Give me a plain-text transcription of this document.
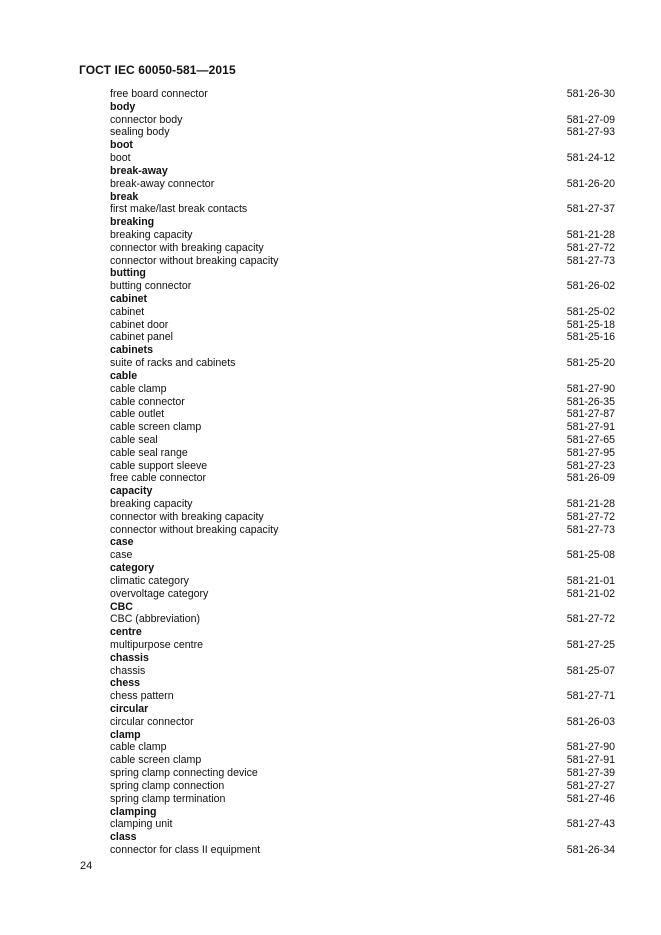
ГОСТ IEC 60050-581—2015
free board connector	581-26-30
body
connector body	581-27-09
sealing body	581-27-93
boot
boot	581-24-12
break-away
break-away connector	581-26-20
break
first make/last break contacts	581-27-37
breaking
breaking capacity	581-21-28
connector with breaking capacity	581-27-72
connector without breaking capacity	581-27-73
butting
butting connector	581-26-02
cabinet
cabinet	581-25-02
cabinet door	581-25-18
cabinet panel	581-25-16
cabinets
suite of racks and cabinets	581-25-20
cable
cable clamp	581-27-90
cable connector	581-26-35
cable outlet	581-27-87
cable screen clamp	581-27-91
cable seal	581-27-65
cable seal range	581-27-95
cable support sleeve	581-27-23
free cable connector	581-26-09
capacity
breaking capacity	581-21-28
connector with breaking capacity	581-27-72
connector without breaking capacity	581-27-73
case
case	581-25-08
category
climatic category	581-21-01
overvoltage category	581-21-02
CBC
CBC (abbreviation)	581-27-72
centre
multipurpose centre	581-27-25
chassis
chassis	581-25-07
chess
chess pattern	581-27-71
circular
circular connector	581-26-03
clamp
cable clamp	581-27-90
cable screen clamp	581-27-91
spring clamp connecting device	581-27-39
spring clamp connection	581-27-27
spring clamp termination	581-27-46
clamping
clamping unit	581-27-43
class
connector for class II equipment	581-26-34
24
